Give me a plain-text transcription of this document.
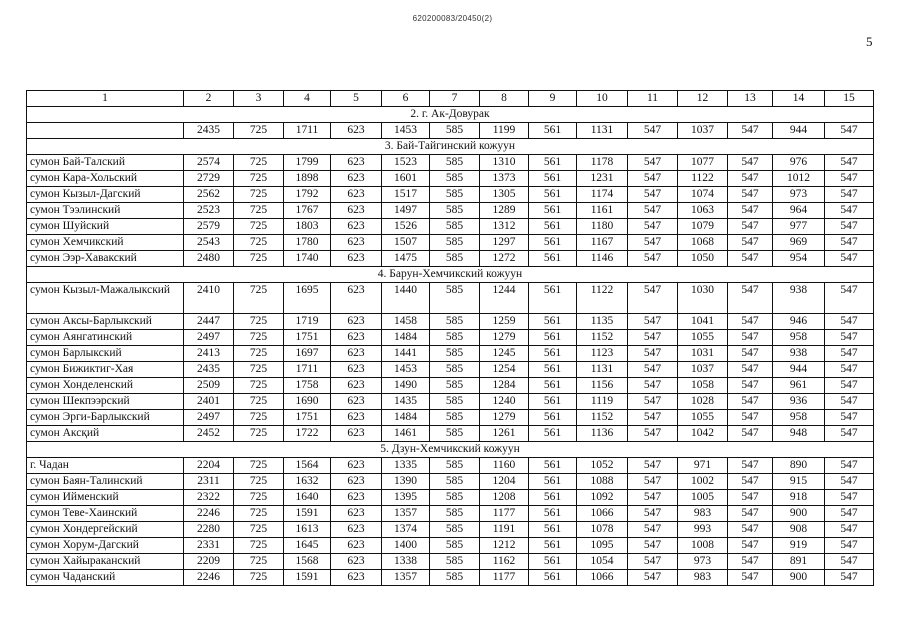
620200083/20450(2)
5
1	2	3	4	5	6	7	8	9	10	11	12	13	14	15
2. г. Ак-Довурак														
	2435	725	1711	623	1453	585	1199	561	1131	547	1037	547	944	547
3. Бай-Тайгинский кожуун														
сумон Бай-Талский	2574	725	1799	623	1523	585	1310	561	1178	547	1077	547	976	547
сумон Кара-Хольский	2729	725	1898	623	1601	585	1373	561	1231	547	1122	547	1012	547
сумон Кызыл-Дагский	2562	725	1792	623	1517	585	1305	561	1174	547	1074	547	973	547
сумон Тээлинский	2523	725	1767	623	1497	585	1289	561	1161	547	1063	547	964	547
сумон Шуйский	2579	725	1803	623	1526	585	1312	561	1180	547	1079	547	977	547
сумон Хемчикский	2543	725	1780	623	1507	585	1297	561	1167	547	1068	547	969	547
сумон Ээр-Хавакский	2480	725	1740	623	1475	585	1272	561	1146	547	1050	547	954	547
4. Барун-Хемчикский кожуун														
сумон Кызыл-Мажалыкский	2410	725	1695	623	1440	585	1244	561	1122	547	1030	547	938	547
сумон Аксы-Барлыкский	2447	725	1719	623	1458	585	1259	561	1135	547	1041	547	946	547
сумон Аянгатинский	2497	725	1751	623	1484	585	1279	561	1152	547	1055	547	958	547
сумон Барлыкский	2413	725	1697	623	1441	585	1245	561	1123	547	1031	547	938	547
сумон Бижиктиг-Хая	2435	725	1711	623	1453	585	1254	561	1131	547	1037	547	944	547
сумон Хонделенский	2509	725	1758	623	1490	585	1284	561	1156	547	1058	547	961	547
сумон Шекпээрский	2401	725	1690	623	1435	585	1240	561	1119	547	1028	547	936	547
сумон Эрги-Барлыкский	2497	725	1751	623	1484	585	1279	561	1152	547	1055	547	958	547
сумон Аксқий	2452	725	1722	623	1461	585	1261	561	1136	547	1042	547	948	547
5. Дзун-Хемчикский кожуун														
г. Чадан	2204	725	1564	623	1335	585	1160	561	1052	547	971	547	890	547
сумон Баян-Талинский	2311	725	1632	623	1390	585	1204	561	1088	547	1002	547	915	547
сумон Ийменский	2322	725	1640	623	1395	585	1208	561	1092	547	1005	547	918	547
сумон Теве-Хаинский	2246	725	1591	623	1357	585	1177	561	1066	547	983	547	900	547
сумон Хондергейский	2280	725	1613	623	1374	585	1191	561	1078	547	993	547	908	547
сумон Хорум-Дагский	2331	725	1645	623	1400	585	1212	561	1095	547	1008	547	919	547
сумон Хайыраканский	2209	725	1568	623	1338	585	1162	561	1054	547	973	547	891	547
сумон Чаданский	2246	725	1591	623	1357	585	1177	561	1066	547	983	547	900	547
